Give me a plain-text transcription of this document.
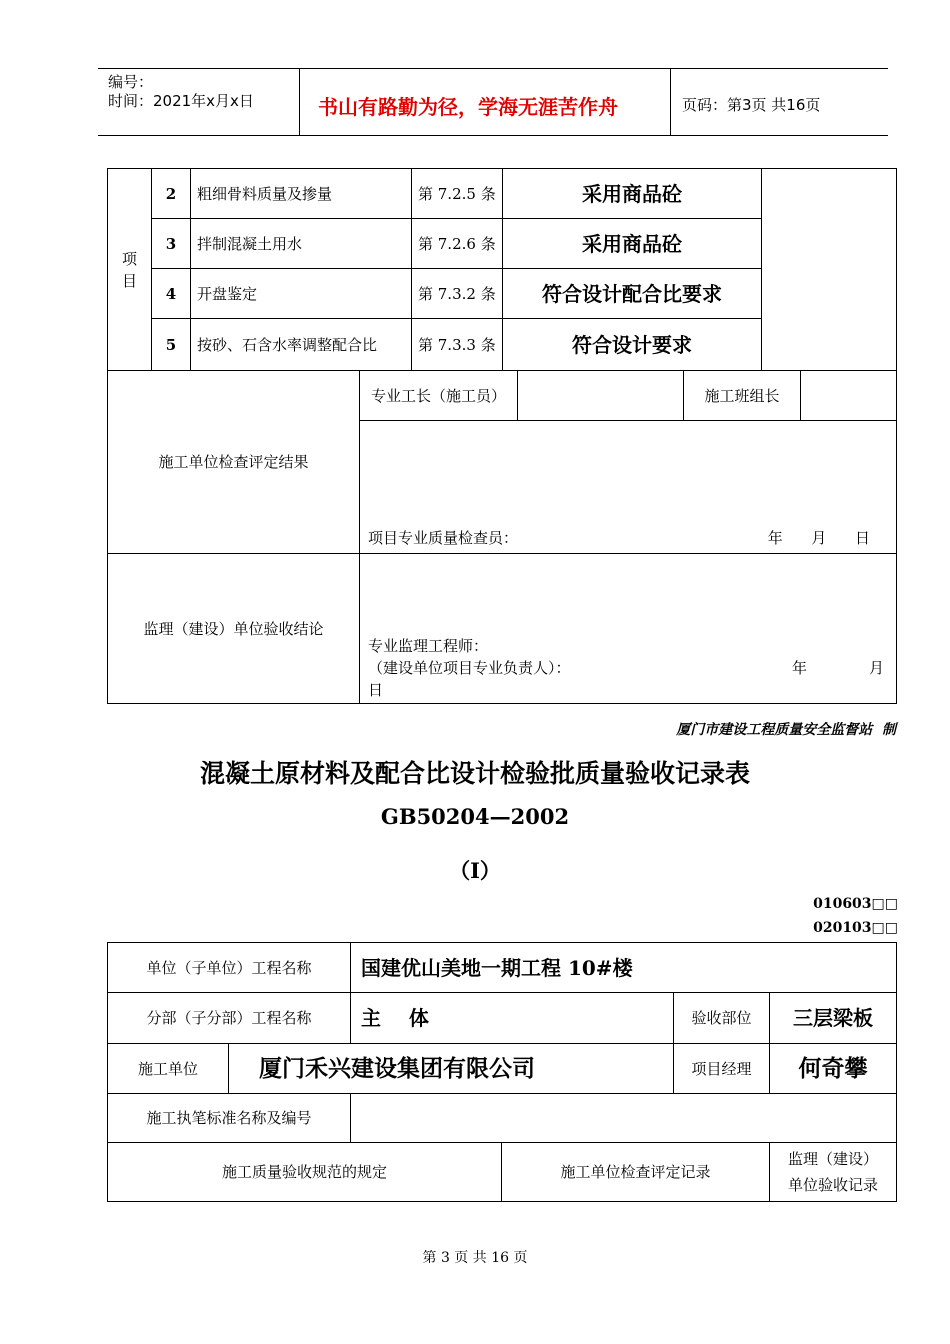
编号：
时间：2021年x月x日	书山有路勤为径，学海无涯苦作舟	页码：第3页 共16页
项
目	2	粗细骨料质量及掺量	第 7.2.5 条	采用商品砼	
	3	拌制混凝土用水	第 7.2.6 条	采用商品砼	
	4	开盘鉴定	第 7.3.2 条	符合设计配合比要求	
	5	按砂、石含水率调整配合比	第 7.3.3 条	符合设计要求	
施工单位检查评定结果	专业工长（施工员）		施工班组长	

	项目专业质量检查员： 年      月      日			

监理（建设）单位验收结论	专业监理工程师：
（建设单位项目专业负责人）： 年             月
日			
厦门市建设工程质量安全监督站  制
混凝土原材料及配合比设计检验批质量验收记录表
GB50204—2002
（I）
010603□□
020103□□
单位（子单位）工程名称		国建优山美地一期工程 10#楼			
分部（子分部）工程名称		主    体		验收部位	三层梁板
施工单位	厦门禾兴建设集团有限公司			项目经理	何奇攀
施工执笔标准名称及编号					
施工质量验收规范的规定			施工单位检查评定记录		监理（建设）
单位验收记录
第 3 页 共 16 页
